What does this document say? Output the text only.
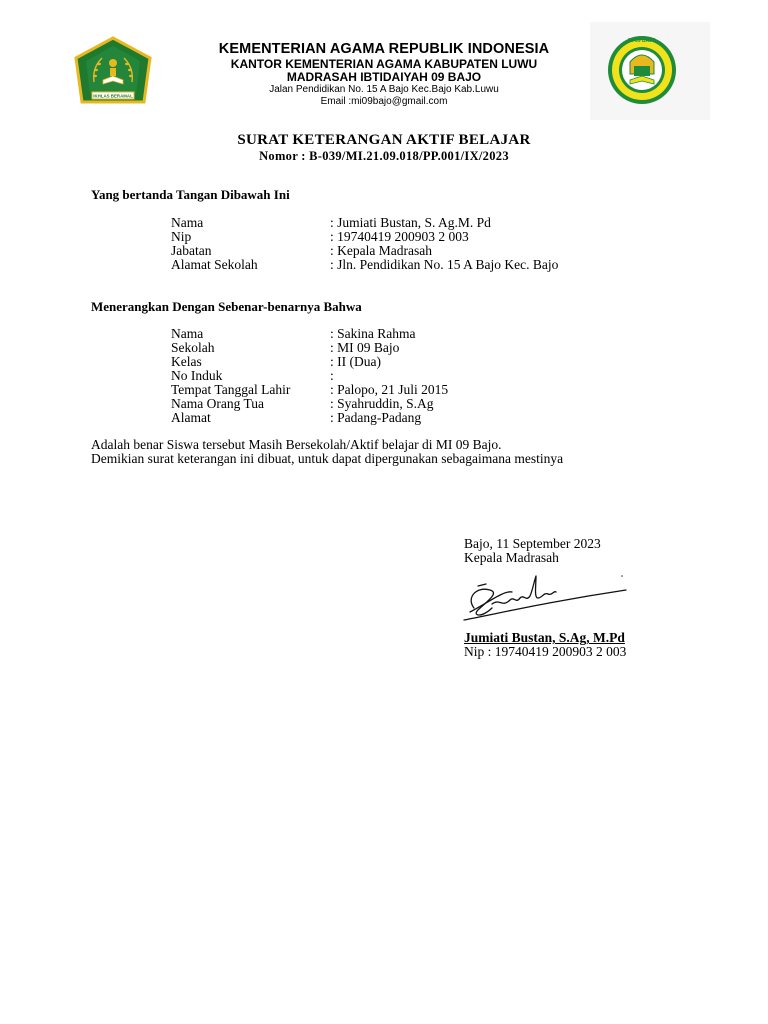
IKHLAS BERAMAL
MI 09 BAJO
KEMENTERIAN AGAMA REPUBLIK INDONESIA
KANTOR KEMENTERIAN AGAMA KABUPATEN LUWU
MADRASAH IBTIDAIYAH 09 BAJO
Jalan Pendidikan No. 15 A Bajo Kec.Bajo Kab.Luwu
Email :mi09bajo@gmail.com
SURAT KETERANGAN AKTIF BELAJAR
Nomor : B-039/MI.21.09.018/PP.001/IX/2023
Yang bertanda Tangan Dibawah Ini
Nama	: Jumiati Bustan, S. Ag.M. Pd
Nip	: 19740419 200903 2 003
Jabatan	: Kepala Madrasah
Alamat Sekolah	: Jln. Pendidikan No. 15 A Bajo Kec. Bajo
Menerangkan Dengan Sebenar-benarnya Bahwa
Nama	: Sakina Rahma
Sekolah	: MI 09 Bajo
Kelas	: II (Dua)
No Induk	:
Tempat Tanggal Lahir	: Palopo, 21 Juli 2015
Nama Orang Tua	: Syahruddin, S.Ag
Alamat	: Padang-Padang
Adalah benar Siswa tersebut Masih Bersekolah/Aktif belajar di MI 09 Bajo.
Demikian surat keterangan ini dibuat, untuk dapat dipergunakan sebagaimana mestinya
Bajo, 11 September 2023
Kepala Madrasah
Jumiati Bustan, S.Ag, M.Pd
Nip : 19740419 200903 2 003
